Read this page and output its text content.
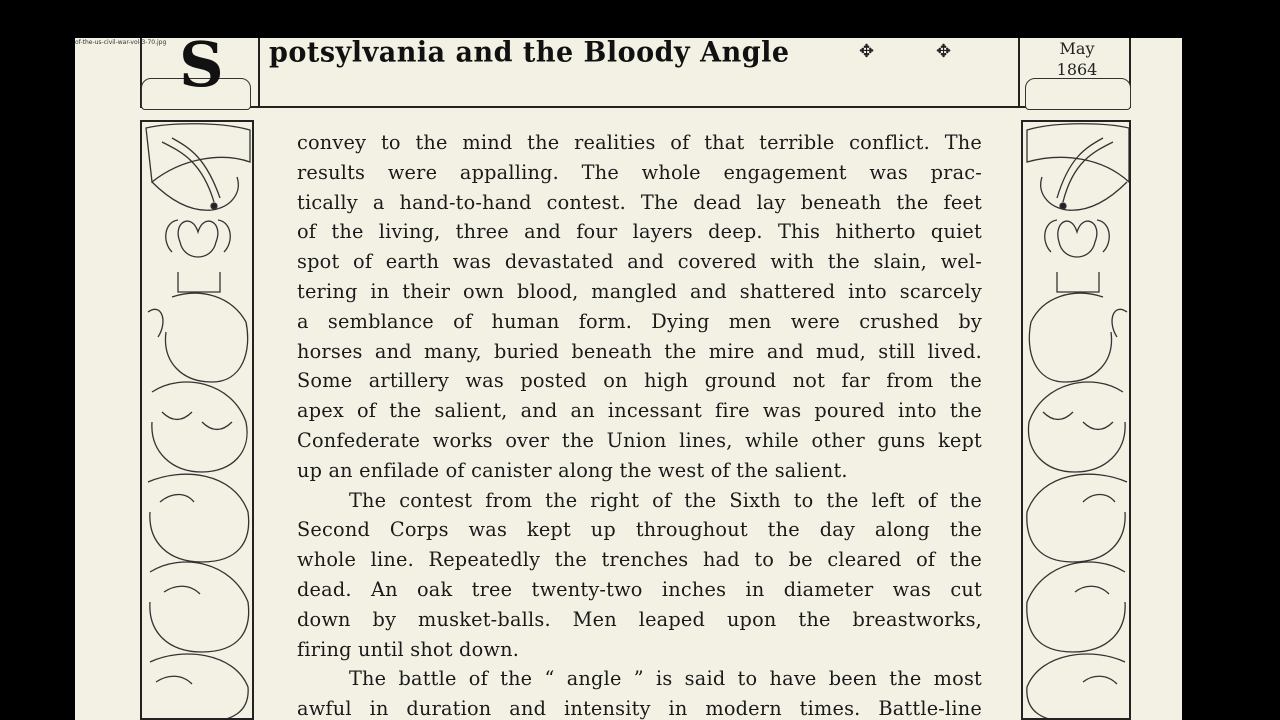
of-the-us-civil-war-vol-3-70.jpg S potsylvania and the Bloody Angle	✥	✥	May
1864
convey to the mind the realities of that terrible conflict. The
results were appalling. The whole engagement was prac-
tically a hand-to-hand contest. The dead lay beneath the feet
of the living, three and four layers deep. This hitherto quiet
spot of earth was devastated and covered with the slain, wel-
tering in their own blood, mangled and shattered into scarcely
a semblance of human form. Dying men were crushed by
horses and many, buried beneath the mire and mud, still lived.
Some artillery was posted on high ground not far from the
apex of the salient, and an incessant fire was poured into the
Confederate works over the Union lines, while other guns kept
up an enfilade of canister along the west of the salient.
The contest from the right of the Sixth to the left of the
Second Corps was kept up throughout the day along the
whole line. Repeatedly the trenches had to be cleared of the
dead. An oak tree twenty-two inches in diameter was cut
down by musket-balls. Men leaped upon the breastworks,
firing until shot down.
The battle of the “ angle ” is said to have been the most
awful in duration and intensity in modern times. Battle-line
